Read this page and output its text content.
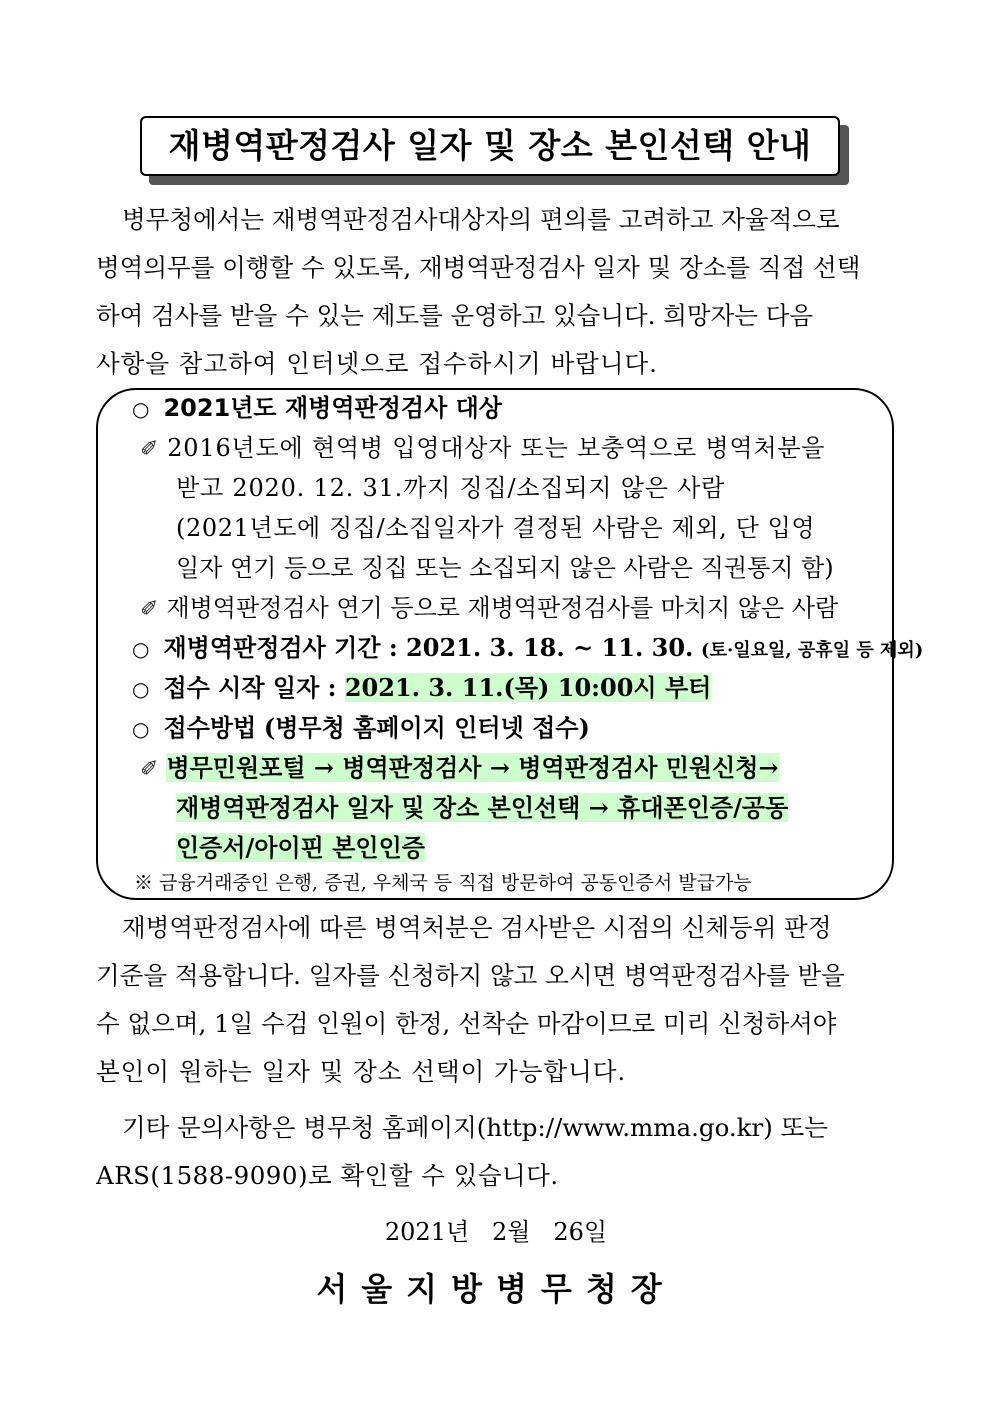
재병역판정검사 일자 및 장소 본인선택 안내
병무청에서는 재병역판정검사대상자의 편의를 고려하고 자율적으로
병역의무를 이행할 수 있도록, 재병역판정검사 일자 및 장소를 직접 선택
하여 검사를 받을 수 있는 제도를 운영하고 있습니다. 희망자는 다음
사항을 참고하여 인터넷으로 접수하시기 바랍니다.
○ 2021년도 재병역판정검사 대상
✐ 2016년도에 현역병 입영대상자 또는 보충역으로 병역처분을
받고 2020. 12. 31.까지 징집/소집되지 않은 사람
(2021년도에 징집/소집일자가 결정된 사람은 제외, 단 입영
일자 연기 등으로 징집 또는 소집되지 않은 사람은 직권통지 함)
✐ 재병역판정검사 연기 등으로 재병역판정검사를 마치지 않은 사람
○ 재병역판정검사 기간 : 2021. 3. 18. ~ 11. 30. (토·일요일, 공휴일 등 제외)
○ 접수 시작 일자 : 2021. 3. 11.(목) 10:00시 부터
○ 접수방법 (병무청 홈페이지 인터넷 접수)
✐ 병무민원포털 → 병역판정검사 → 병역판정검사 민원신청→
재병역판정검사 일자 및 장소 본인선택 → 휴대폰인증/공동
인증서/아이핀 본인인증
※ 금융거래중인 은행, 증권, 우체국 등 직접 방문하여 공동인증서 발급가능
재병역판정검사에 따른 병역처분은 검사받은 시점의 신체등위 판정
기준을 적용합니다. 일자를 신청하지 않고 오시면 병역판정검사를 받을
수 없으며, 1일 수검 인원이 한정, 선착순 마감이므로 미리 신청하셔야
본인이 원하는 일자 및 장소 선택이 가능합니다.
기타 문의사항은 병무청 홈페이지(http://www.mma.go.kr) 또는
ARS(1588-9090)로 확인할 수 있습니다.
2021년   2월   26일
서울지방병무청장
